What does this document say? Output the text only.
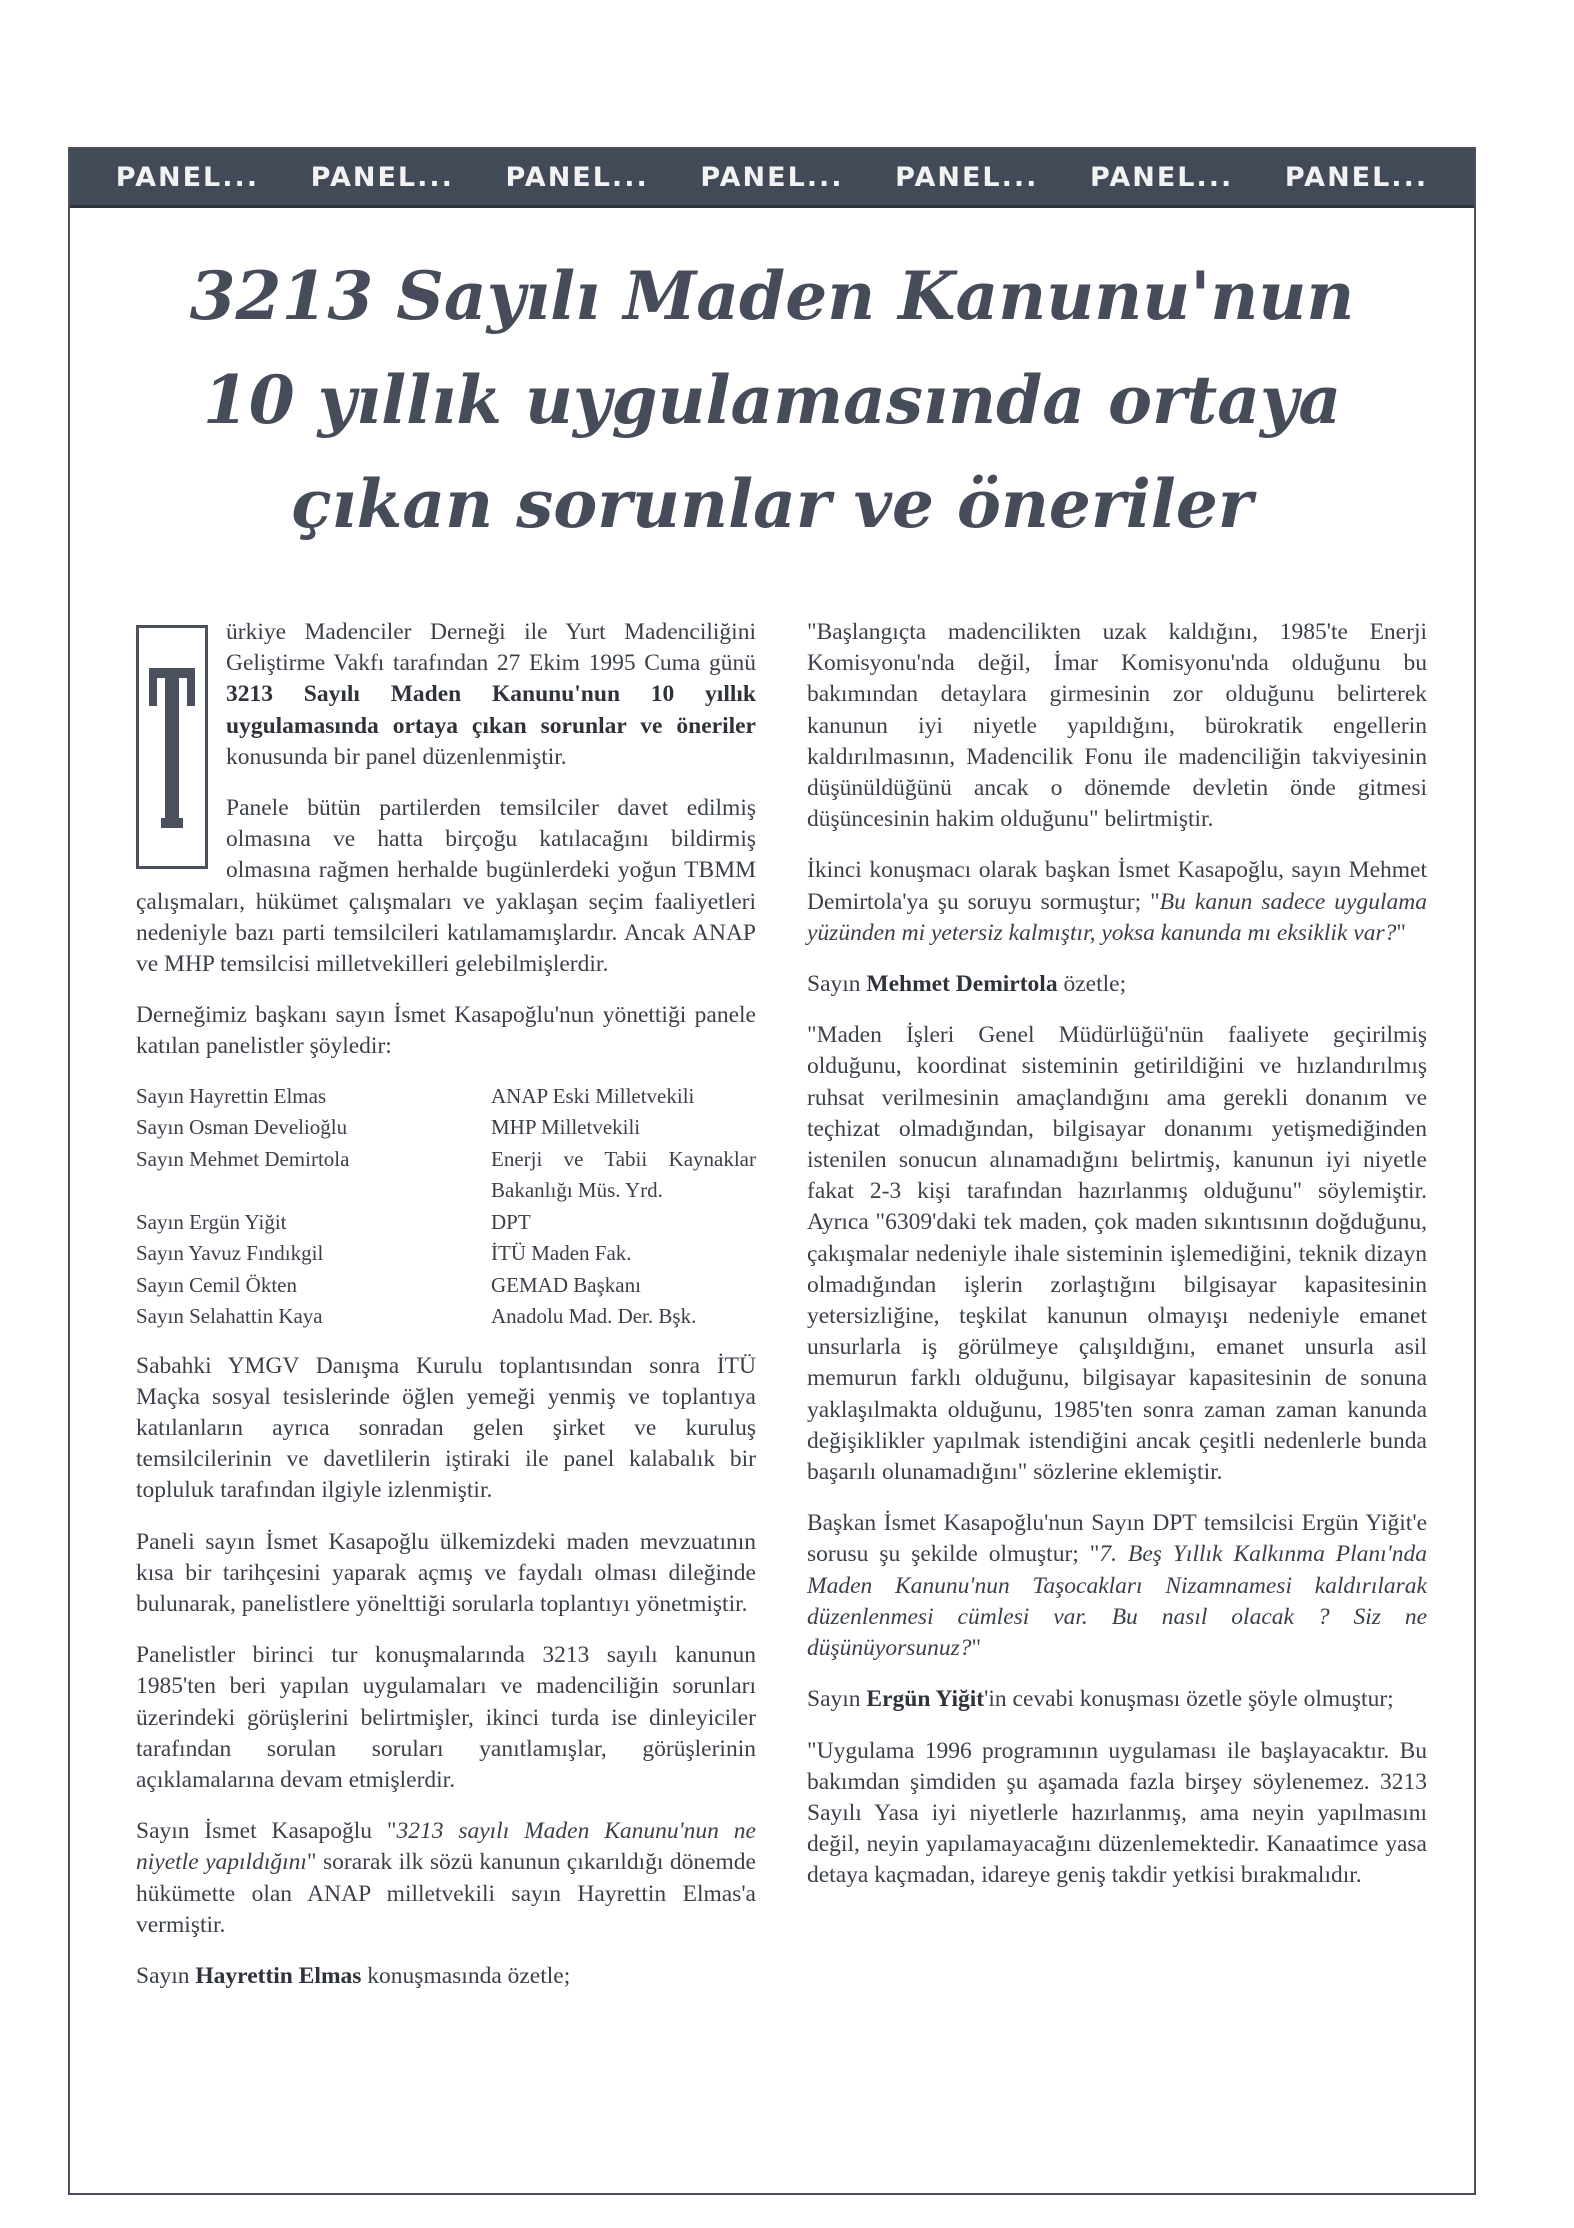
PANEL... PANEL... PANEL... PANEL... PANEL... PANEL... PANEL...
3213 Sayılı Maden Kanunu'nun
10 yıllık uygulamasında ortaya
çıkan sorunlar ve öneriler

ürkiye Madenciler Derneği ile Yurt Madenciliğini Geliştirme Vakfı tarafından 27 Ekim 1995 Cuma günü 3213 Sayılı Maden Kanunu'nun 10 yıllık uygulamasında ortaya çıkan sorunlar ve öneriler konusunda bir panel düzenlenmiştir.

Panele bütün partilerden temsilciler davet edilmiş olmasına ve hatta birçoğu katılacağını bildirmiş olmasına rağmen herhalde bugünlerdeki yoğun TBMM çalışmaları, hükümet çalışmaları ve yaklaşan seçim faaliyetleri nedeniyle bazı parti temsilcileri katılamamışlardır. Ancak ANAP ve MHP temsilcisi milletvekilleri gelebilmişlerdir.

Derneğimiz başkanı sayın İsmet Kasapoğlu'nun yönettiği panele katılan panelistler şöyledir:

Sayın Hayrettin Elmas	ANAP Eski Milletvekili
Sayın Osman Develioğlu	MHP Milletvekili
Sayın Mehmet Demirtola	Enerji ve Tabii Kaynaklar Bakanlığı Müs. Yrd.
Sayın Ergün Yiğit	DPT
Sayın Yavuz Fındıkgil	İTÜ Maden Fak.
Sayın Cemil Ökten	GEMAD Başkanı
Sayın Selahattin Kaya	Anadolu Mad. Der. Bşk.

Sabahki YMGV Danışma Kurulu toplantısından sonra İTÜ Maçka sosyal tesislerinde öğlen yemeği yenmiş ve toplantıya katılanların ayrıca sonradan gelen şirket ve kuruluş temsilcilerinin ve davetlilerin iştiraki ile panel kalabalık bir topluluk tarafından ilgiyle izlenmiştir.

Paneli sayın İsmet Kasapoğlu ülkemizdeki maden mevzuatının kısa bir tarihçesini yaparak açmış ve faydalı olması dileğinde bulunarak, panelistlere yönelttiği sorularla toplantıyı yönetmiştir.

Panelistler birinci tur konuşmalarında 3213 sayılı kanunun 1985'ten beri yapılan uygulamaları ve madenciliğin sorunları üzerindeki görüşlerini belirtmişler, ikinci turda ise dinleyiciler tarafından sorulan soruları yanıtlamışlar, görüşlerinin açıklamalarına devam etmişlerdir.

Sayın İsmet Kasapoğlu "3213 sayılı Maden Kanunu'nun ne niyetle yapıldığını" sorarak ilk sözü kanunun çıkarıldığı dönemde hükümette olan ANAP milletvekili sayın Hayrettin Elmas'a vermiştir.

Sayın Hayrettin Elmas konuşmasında özetle;

"Başlangıçta madencilikten uzak kaldığını, 1985'te Enerji Komisyonu'nda değil, İmar Komisyonu'nda olduğunu bu bakımından detaylara girmesinin zor olduğunu belirterek kanunun iyi niyetle yapıldığını, bürokratik engellerin kaldırılmasının, Madencilik Fonu ile madenciliğin takviyesinin düşünüldüğünü ancak o dönemde devletin önde gitmesi düşüncesinin hakim olduğunu" belirtmiştir.

İkinci konuşmacı olarak başkan İsmet Kasapoğlu, sayın Mehmet Demirtola'ya şu soruyu sormuştur; "Bu kanun sadece uygulama yüzünden mi yetersiz kalmıştır, yoksa kanunda mı eksiklik var?"

Sayın Mehmet Demirtola özetle;

"Maden İşleri Genel Müdürlüğü'nün faaliyete geçirilmiş olduğunu, koordinat sisteminin getirildiğini ve hızlandırılmış ruhsat verilmesinin amaçlandığını ama gerekli donanım ve teçhizat olmadığından, bilgisayar donanımı yetişmediğinden istenilen sonucun alınamadığını belirtmiş, kanunun iyi niyetle fakat 2-3 kişi tarafından hazırlanmış olduğunu" söylemiştir. Ayrıca "6309'daki tek maden, çok maden sıkıntısının doğduğunu, çakışmalar nedeniyle ihale sisteminin işlemediğini, teknik dizayn olmadığından işlerin zorlaştığını bilgisayar kapasitesinin yetersizliğine, teşkilat kanunun olmayışı nedeniyle emanet unsurlarla iş görülmeye çalışıldığını, emanet unsurla asil memurun farklı olduğunu, bilgisayar kapasitesinin de sonuna yaklaşılmakta olduğunu, 1985'ten sonra zaman zaman kanunda değişiklikler yapılmak istendiğini ancak çeşitli nedenlerle bunda başarılı olunamadığını" sözlerine eklemiştir.

Başkan İsmet Kasapoğlu'nun Sayın DPT temsilcisi Ergün Yiğit'e sorusu şu şekilde olmuştur; "7. Beş Yıllık Kalkınma Planı'nda Maden Kanunu'nun Taşocakları Nizamnamesi kaldırılarak düzenlenmesi cümlesi var. Bu nasıl olacak ? Siz ne düşünüyorsunuz?"

Sayın Ergün Yiğit'in cevabi konuşması özetle şöyle olmuştur;

"Uygulama 1996 programının uygulaması ile başlayacaktır. Bu bakımdan şimdiden şu aşamada fazla birşey söylenemez. 3213 Sayılı Yasa iyi niyetlerle hazırlanmış, ama neyin yapılmasını değil, neyin yapılamayacağını düzenlemektedir. Kanaatimce yasa detaya kaçmadan, idareye geniş takdir yetkisi bırakmalıdır.
